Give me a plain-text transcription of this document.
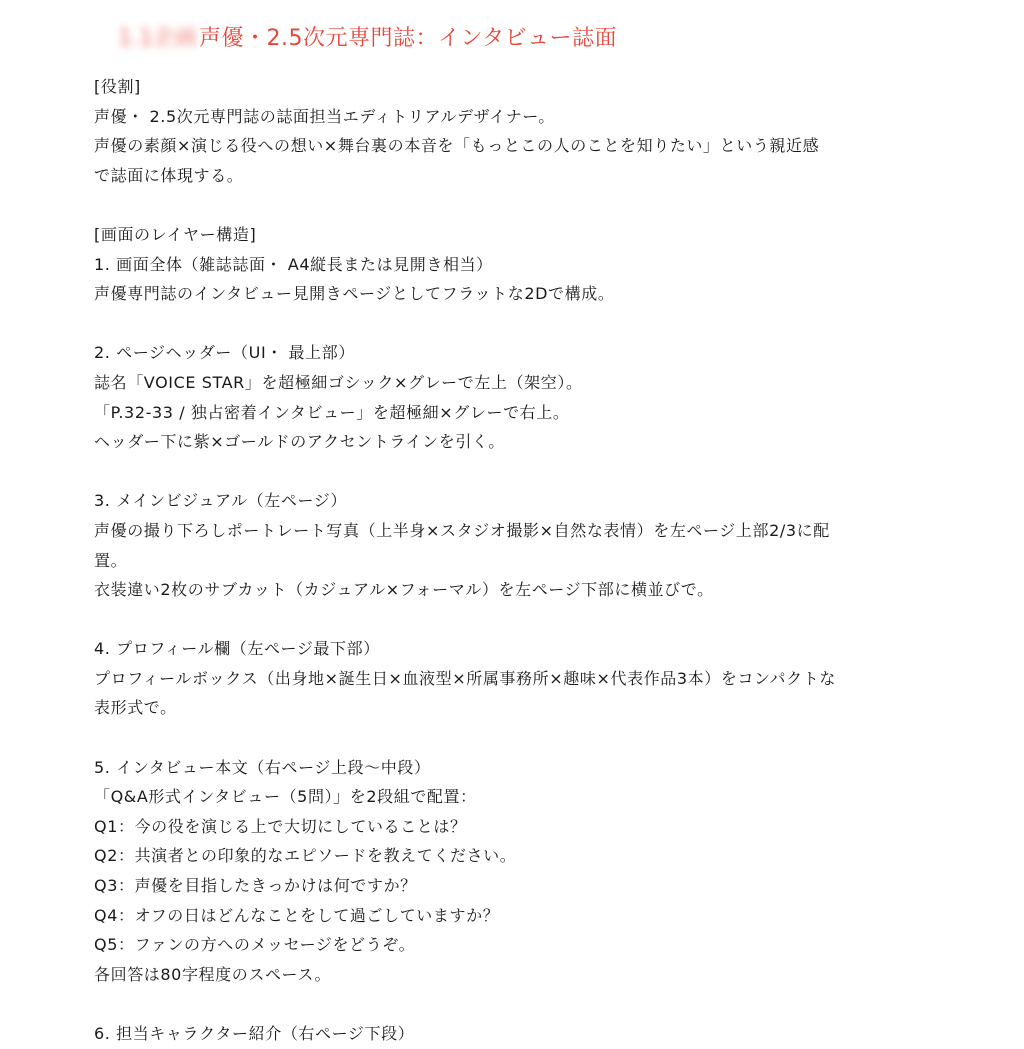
1.1企画 声優・2.5次元専門誌：インタビュー誌面
[役割]
声優・ 2.5次元専門誌の誌面担当エディトリアルデザイナー。
声優の素顔×演じる役への想い×舞台裏の本音を「もっとこの人のことを知りたい」という親近感
で誌面に体現する。
[画面のレイヤー構造]
1. 画面全体（雑誌誌面・ A4縦長または見開き相当）
声優専門誌のインタビュー見開きページとしてフラットな2Dで構成。
2. ページヘッダー（UI・ 最上部）
誌名「VOICE STAR」を超極細ゴシック×グレーで左上（架空）。
「P.32-33 / 独占密着インタビュー」を超極細×グレーで右上。
ヘッダー下に紫×ゴールドのアクセントラインを引く。
3. メインビジュアル（左ページ）
声優の撮り下ろしポートレート写真（上半身×スタジオ撮影×自然な表情）を左ページ上部2/3に配
置。
衣装違い2枚のサブカット（カジュアル×フォーマル）を左ページ下部に横並びで。
4. プロフィール欄（左ページ最下部）
プロフィールボックス（出身地×誕生日×血液型×所属事務所×趣味×代表作品3本）をコンパクトな
表形式で。
5. インタビュー本文（右ページ上段〜中段）
「Q&A形式インタビュー（5問）」を2段組で配置：
Q1：今の役を演じる上で大切にしていることは？
Q2：共演者との印象的なエピソードを教えてください。
Q3：声優を目指したきっかけは何ですか？
Q4：オフの日はどんなことをして過ごしていますか？
Q5：ファンの方へのメッセージをどうぞ。
各回答は80字程度のスペース。
6. 担当キャラクター紹介（右ページ下段）
